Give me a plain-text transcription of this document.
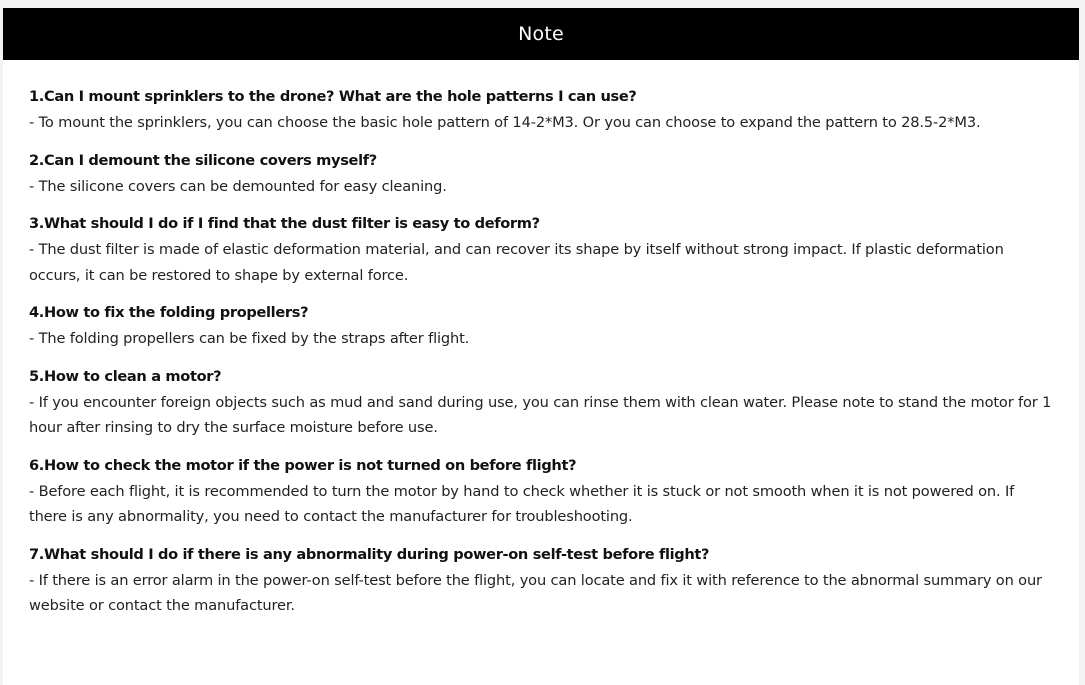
Note
1.Can I mount sprinklers to the drone? What are the hole patterns I can use?
- To mount the sprinklers, you can choose the basic hole pattern of 14-2*M3. Or you can choose to expand the pattern to 28.5-2*M3.
2.Can I demount the silicone covers myself?
- The silicone covers can be demounted for easy cleaning.
3.What should I do if I find that the dust filter is easy to deform?
- The dust filter is made of elastic deformation material, and can recover its shape by itself without strong impact. If plastic deformation occurs, it can be restored to shape by external force.
4.How to fix the folding propellers?
- The folding propellers can be fixed by the straps after flight.
5.How to clean a motor?
- If you encounter foreign objects such as mud and sand during use, you can rinse them with clean water. Please note to stand the motor for 1 hour after rinsing to dry the surface moisture before use.
6.How to check the motor if the power is not turned on before flight?
- Before each flight, it is recommended to turn the motor by hand to check whether it is stuck or not smooth when it is not powered on. If there is any abnormality, you need to contact the manufacturer for troubleshooting.
7.What should I do if there is any abnormality during power-on self-test before flight?
- If there is an error alarm in the power-on self-test before the flight, you can locate and fix it with reference to the abnormal summary on our website or contact the manufacturer.
